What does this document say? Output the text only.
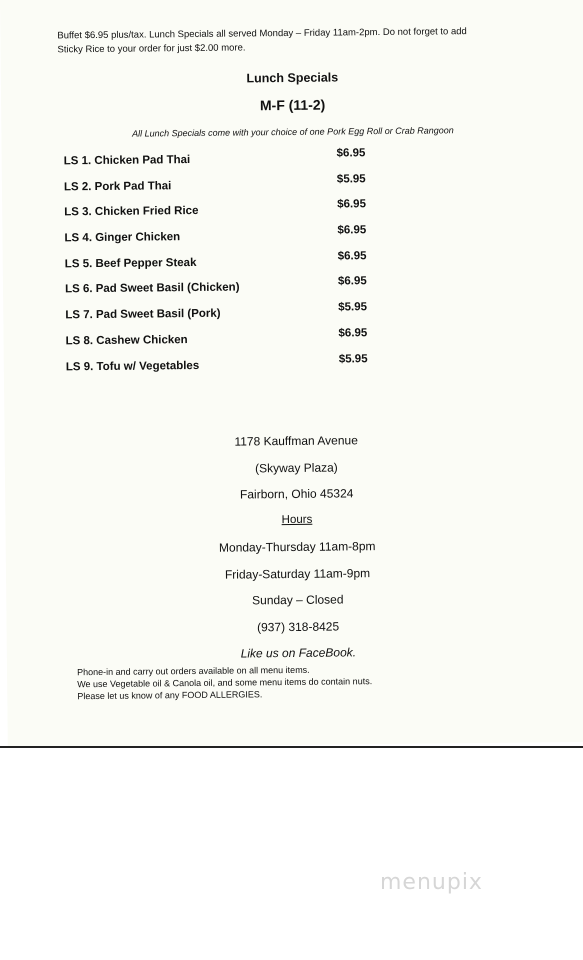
Buffet $6.95 plus/tax. Lunch Specials all served Monday – Friday 11am-2pm. Do not forget to add
Sticky Rice to your order for just $2.00 more.
Lunch Specials
M-F (11-2)
All Lunch Specials come with your choice of one Pork Egg Roll or Crab Rangoon
LS 1. Chicken Pad Thai
$6.95
LS 2. Pork Pad Thai
$5.95
LS 3. Chicken Fried Rice
$6.95
LS 4. Ginger Chicken
$6.95
LS 5. Beef Pepper Steak
$6.95
LS 6. Pad Sweet Basil (Chicken)
$6.95
LS 7. Pad Sweet Basil (Pork)
$5.95
LS 8. Cashew Chicken
$6.95
LS 9. Tofu w/ Vegetables
$5.95
1178 Kauffman Avenue
(Skyway Plaza)
Fairborn, Ohio 45324
Hours
Monday-Thursday 11am-8pm
Friday-Saturday 11am-9pm
Sunday – Closed
(937) 318-8425
Like us on FaceBook.
Phone-in and carry out orders available on all menu items.
We use Vegetable oil & Canola oil, and some menu items do contain nuts.
Please let us know of any FOOD ALLERGIES.
menupix
